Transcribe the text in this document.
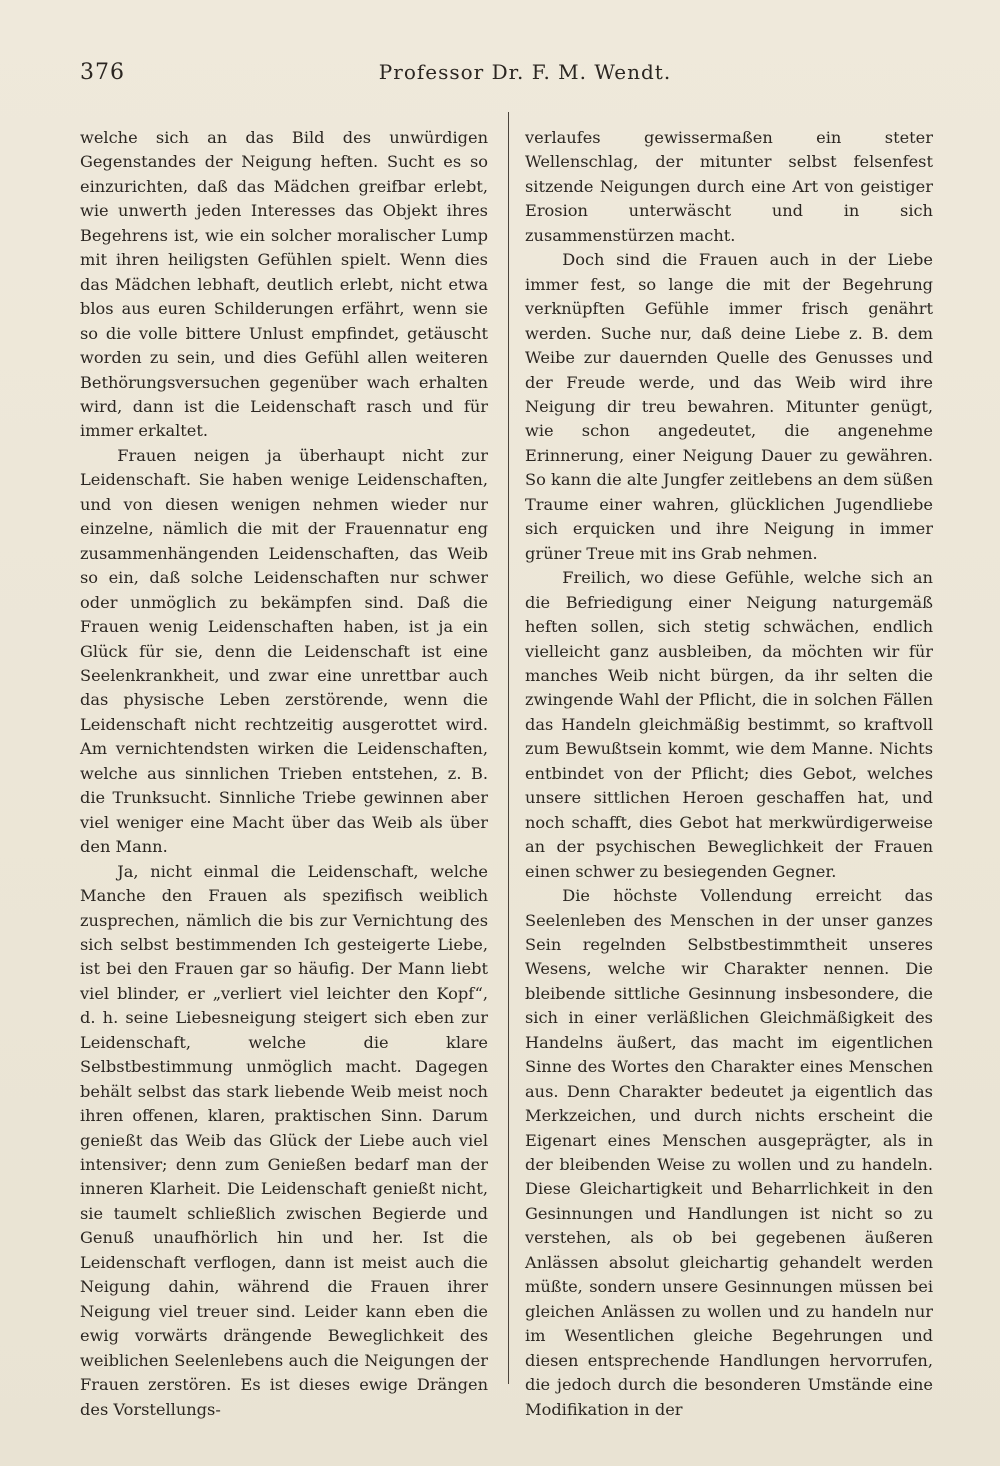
376	Professor Dr. F. M. Wendt.

welche sich an das Bild des unwürdigen Gegenstandes der Neigung heften. Sucht es so einzurichten, daß das Mädchen greifbar erlebt, wie unwerth jeden Interesses das Objekt ihres Begehrens ist, wie ein solcher moralischer Lump mit ihren heiligsten Gefühlen spielt. Wenn dies das Mädchen lebhaft, deutlich erlebt, nicht etwa blos aus euren Schilderungen erfährt, wenn sie so die volle bittere Unlust empfindet, getäuscht worden zu sein, und dies Gefühl allen weiteren Bethörungsversuchen gegenüber wach erhalten wird, dann ist die Leidenschaft rasch und für immer erkaltet.

Frauen neigen ja überhaupt nicht zur Leidenschaft. Sie haben wenige Leidenschaften, und von diesen wenigen nehmen wieder nur einzelne, nämlich die mit der Frauennatur eng zusammenhängenden Leidenschaften, das Weib so ein, daß solche Leidenschaften nur schwer oder unmöglich zu bekämpfen sind. Daß die Frauen wenig Leidenschaften haben, ist ja ein Glück für sie, denn die Leidenschaft ist eine Seelenkrankheit, und zwar eine unrettbar auch das physische Leben zerstörende, wenn die Leidenschaft nicht rechtzeitig ausgerottet wird. Am vernichtendsten wirken die Leidenschaften, welche aus sinnlichen Trieben entstehen, z. B. die Trunksucht. Sinnliche Triebe gewinnen aber viel weniger eine Macht über das Weib als über den Mann.

Ja, nicht einmal die Leidenschaft, welche Manche den Frauen als spezifisch weiblich zusprechen, nämlich die bis zur Vernichtung des sich selbst bestimmenden Ich gesteigerte Liebe, ist bei den Frauen gar so häufig. Der Mann liebt viel blinder, er „verliert viel leichter den Kopf“, d. h. seine Liebesneigung steigert sich eben zur Leidenschaft, welche die klare Selbstbestimmung unmöglich macht. Dagegen behält selbst das stark liebende Weib meist noch ihren offenen, klaren, praktischen Sinn. Darum genießt das Weib das Glück der Liebe auch viel intensiver; denn zum Genießen bedarf man der inneren Klarheit. Die Leidenschaft genießt nicht, sie taumelt schließlich zwischen Begierde und Genuß unaufhörlich hin und her. Ist die Leidenschaft verflogen, dann ist meist auch die Neigung dahin, während die Frauen ihrer Neigung viel treuer sind. Leider kann eben die ewig vorwärts drängende Beweglichkeit des weiblichen Seelenlebens auch die Neigungen der Frauen zerstören. Es ist dieses ewige Drängen des Vorstellungs-

verlaufes gewissermaßen ein steter Wellenschlag, der mitunter selbst felsenfest sitzende Neigungen durch eine Art von geistiger Erosion unterwäscht und in sich zusammenstürzen macht.

Doch sind die Frauen auch in der Liebe immer fest, so lange die mit der Begehrung verknüpften Gefühle immer frisch genährt werden. Suche nur, daß deine Liebe z. B. dem Weibe zur dauernden Quelle des Genusses und der Freude werde, und das Weib wird ihre Neigung dir treu bewahren. Mitunter genügt, wie schon angedeutet, die angenehme Erinnerung, einer Neigung Dauer zu gewähren. So kann die alte Jungfer zeitlebens an dem süßen Traume einer wahren, glücklichen Jugendliebe sich erquicken und ihre Neigung in immer grüner Treue mit ins Grab nehmen.

Freilich, wo diese Gefühle, welche sich an die Befriedigung einer Neigung naturgemäß heften sollen, sich stetig schwächen, endlich vielleicht ganz ausbleiben, da möchten wir für manches Weib nicht bürgen, da ihr selten die zwingende Wahl der Pflicht, die in solchen Fällen das Handeln gleichmäßig bestimmt, so kraftvoll zum Bewußtsein kommt, wie dem Manne. Nichts entbindet von der Pflicht; dies Gebot, welches unsere sittlichen Heroen geschaffen hat, und noch schafft, dies Gebot hat merkwürdigerweise an der psychischen Beweglichkeit der Frauen einen schwer zu besiegenden Gegner.

Die höchste Vollendung erreicht das Seelenleben des Menschen in der unser ganzes Sein regelnden Selbstbestimmtheit unseres Wesens, welche wir Charakter nennen. Die bleibende sittliche Gesinnung insbesondere, die sich in einer verläßlichen Gleichmäßigkeit des Handelns äußert, das macht im eigentlichen Sinne des Wortes den Charakter eines Menschen aus. Denn Charakter bedeutet ja eigentlich das Merkzeichen, und durch nichts erscheint die Eigenart eines Menschen ausgeprägter, als in der bleibenden Weise zu wollen und zu handeln. Diese Gleichartigkeit und Beharrlichkeit in den Gesinnungen und Handlungen ist nicht so zu verstehen, als ob bei gegebenen äußeren Anlässen absolut gleichartig gehandelt werden müßte, sondern unsere Gesinnungen müssen bei gleichen Anlässen zu wollen und zu handeln nur im Wesentlichen gleiche Begehrungen und diesen entsprechende Handlungen hervorrufen, die jedoch durch die besonderen Umstände eine Modifikation in der
